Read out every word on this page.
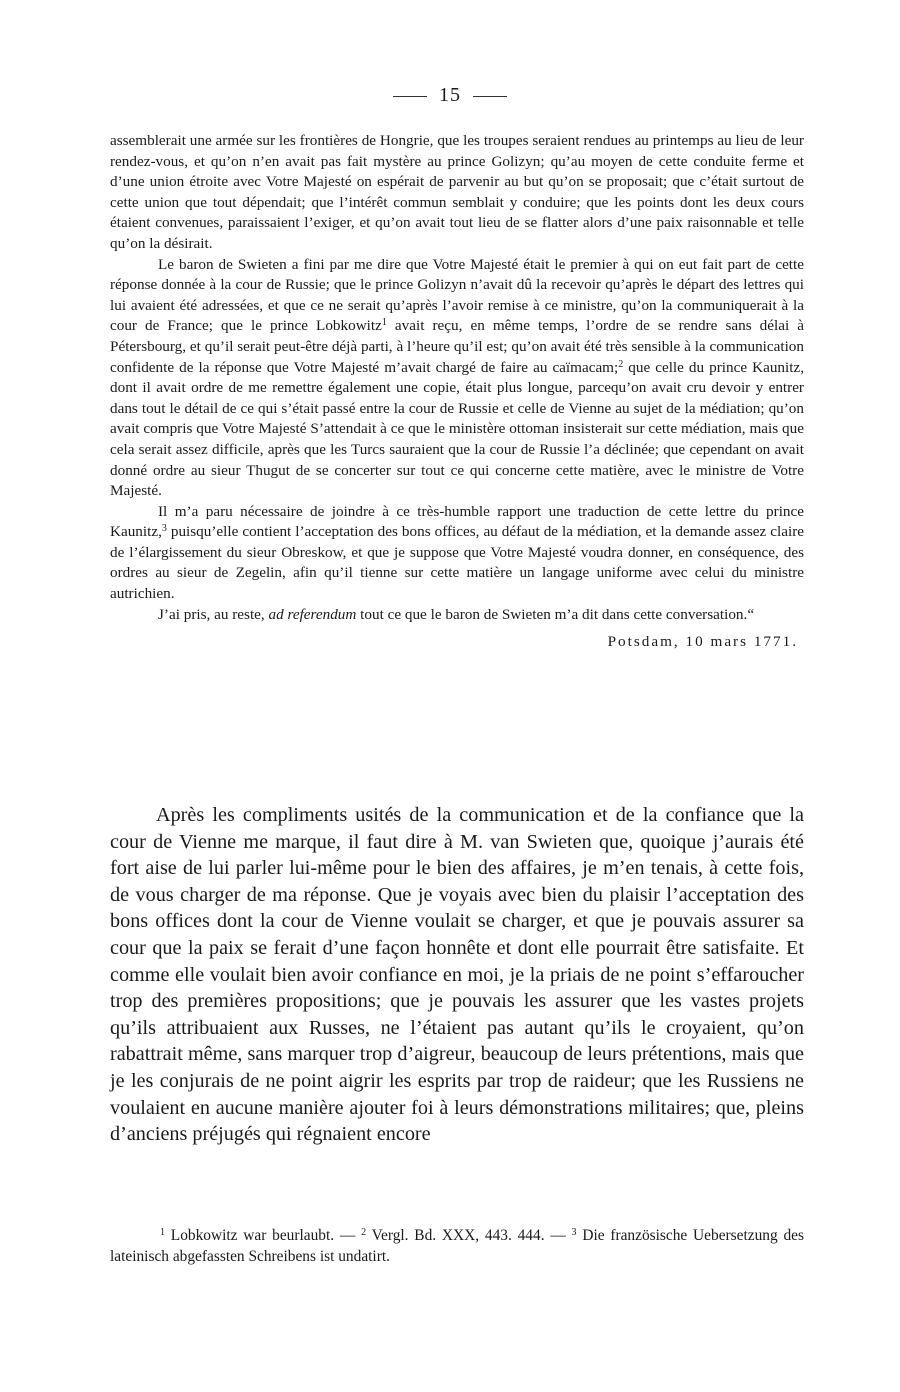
15

assemblerait une armée sur les frontières de Hongrie, que les troupes seraient rendues au printemps au lieu de leur rendez-vous, et qu’on n’en avait pas fait mystère au prince Golizyn; qu’au moyen de cette conduite ferme et d’une union étroite avec Votre Majesté on espérait de parvenir au but qu’on se proposait; que c’était surtout de cette union que tout dépendait; que l’intérêt commun semblait y conduire; que les points dont les deux cours étaient convenues, paraissaient l’exiger, et qu’on avait tout lieu de se flatter alors d’une paix raisonnable et telle qu’on la désirait.

Le baron de Swieten a fini par me dire que Votre Majesté était le premier à qui on eut fait part de cette réponse donnée à la cour de Russie; que le prince Golizyn n’avait dû la recevoir qu’après le départ des lettres qui lui avaient été adressées, et que ce ne serait qu’après l’avoir remise à ce ministre, qu’on la communiquerait à la cour de France; que le prince Lobkowitz$^1$ avait reçu, en même temps, l’ordre de se rendre sans délai à Pétersbourg, et qu’il serait peut-être déjà parti, à l’heure qu’il est; qu’on avait été très sensible à la communication confidente de la réponse que Votre Majesté m’avait chargé de faire au caïmacam;$^2$ que celle du prince Kaunitz, dont il avait ordre de me remettre également une copie, était plus longue, parcequ’on avait cru devoir y entrer dans tout le détail de ce qui s’était passé entre la cour de Russie et celle de Vienne au sujet de la médiation; qu’on avait compris que Votre Majesté S’attendait à ce que le ministère ottoman insisterait sur cette médiation, mais que cela serait assez difficile, après que les Turcs sauraient que la cour de Russie l’a déclinée; que cependant on avait donné ordre au sieur Thugut de se concerter sur tout ce qui concerne cette matière, avec le ministre de Votre Majesté.

Il m’a paru nécessaire de joindre à ce très-humble rapport une traduction de cette lettre du prince Kaunitz,$^3$ puisqu’elle contient l’acceptation des bons offices, au défaut de la médiation, et la demande assez claire de l’élargissement du sieur Obreskow, et que je suppose que Votre Majesté voudra donner, en conséquence, des ordres au sieur de Zegelin, afin qu’il tienne sur cette matière un langage uniforme avec celui du ministre autrichien.

J’ai pris, au reste, ad referendum tout ce que le baron de Swieten m’a dit dans cette conversation.“

Potsdam, 10 mars 1771.

Après les compliments usités de la communication et de la confiance que la cour de Vienne me marque, il faut dire à M. van Swieten que, quoique j’aurais été fort aise de lui parler lui-même pour le bien des affaires, je m’en tenais, à cette fois, de vous charger de ma réponse. Que je voyais avec bien du plaisir l’acceptation des bons offices dont la cour de Vienne voulait se charger, et que je pouvais assurer sa cour que la paix se ferait d’une façon honnête et dont elle pourrait être satisfaite. Et comme elle voulait bien avoir confiance en moi, je la priais de ne point s’effaroucher trop des premières propositions; que je pouvais les assurer que les vastes projets qu’ils attribuaient aux Russes, ne l’étaient pas autant qu’ils le croyaient, qu’on rabattrait même, sans marquer trop d’aigreur, beaucoup de leurs prétentions, mais que je les conjurais de ne point aigrir les esprits par trop de raideur; que les Russiens ne voulaient en aucune manière ajouter foi à leurs démonstrations militaires; que, pleins d’anciens préjugés qui régnaient encore

$^1$ Lobkowitz war beurlaubt. — $^2$ Vergl. Bd. XXX, 443. 444. — $^3$ Die französische Uebersetzung des lateinisch abgefassten Schreibens ist undatirt.
